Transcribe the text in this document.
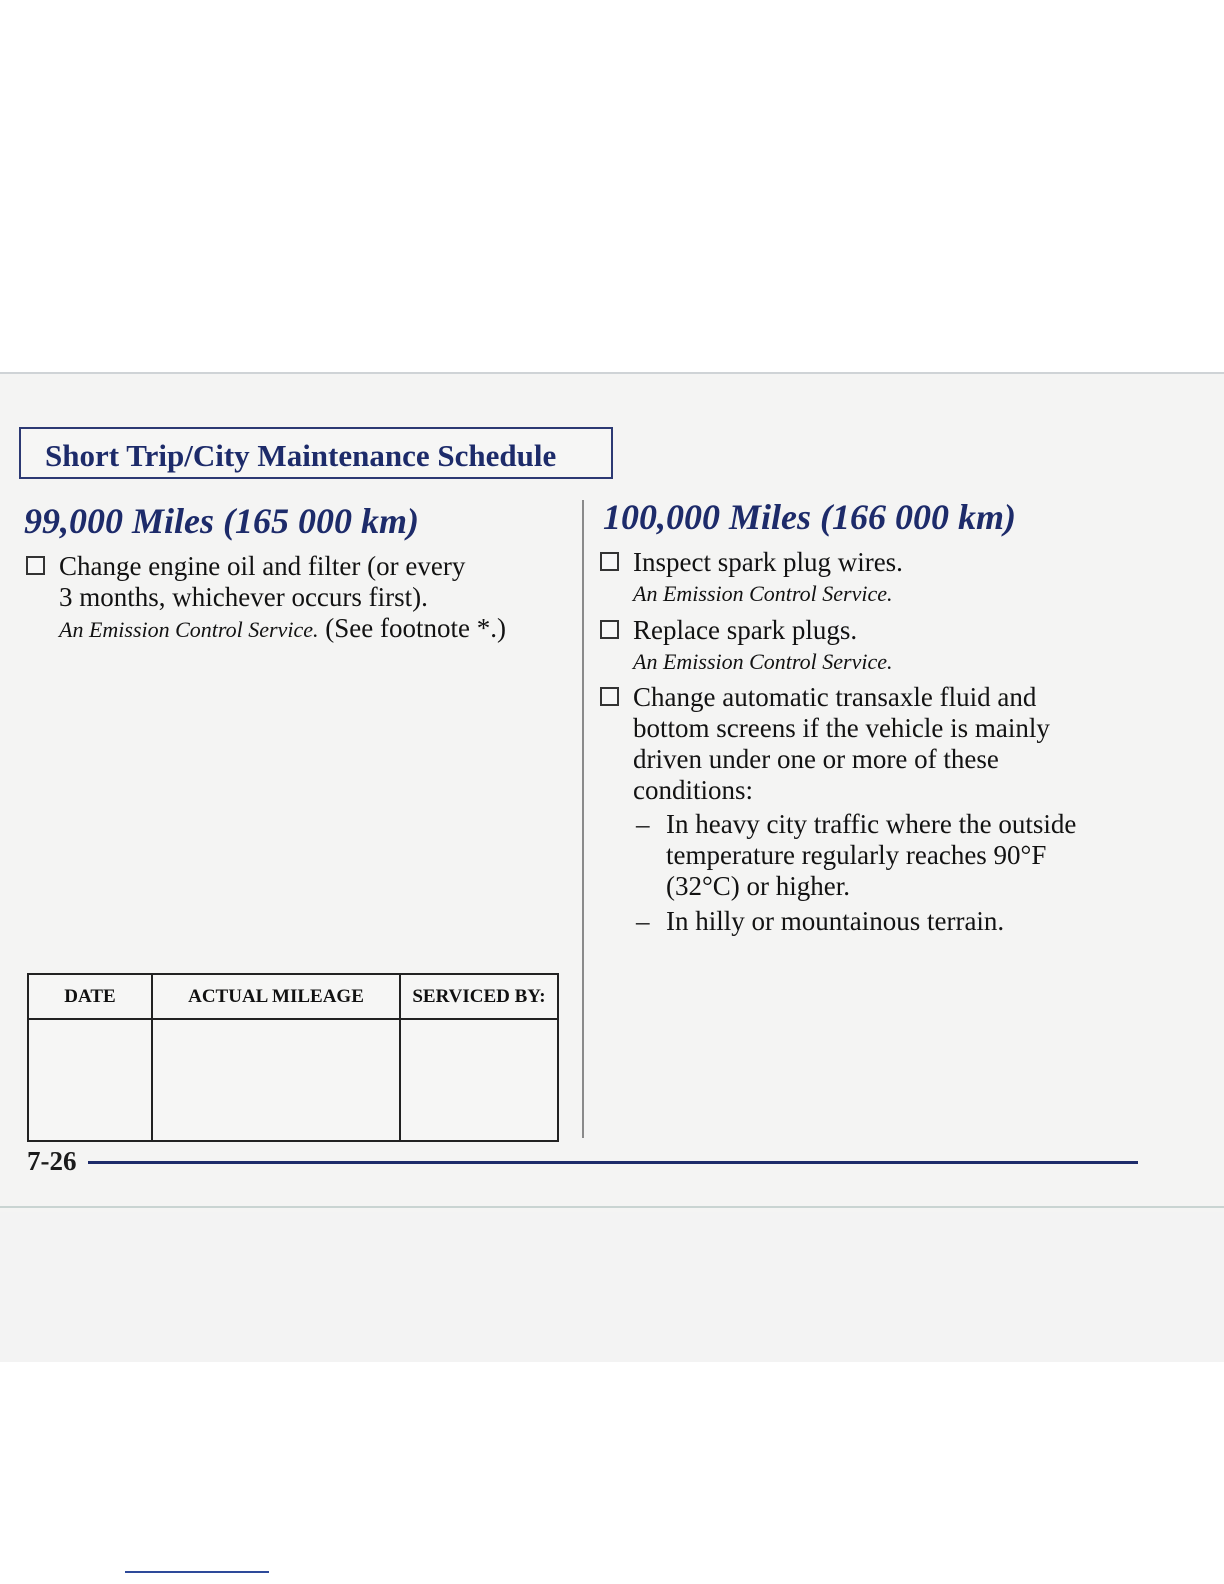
Short Trip/City Maintenance Schedule
99,000 Miles (165 000 km)	100,000 Miles (166 000 km)
Change engine oil and filter (or every
3 months, whichever occurs first).
An Emission Control Service. (See footnote *.)
Inspect spark plug wires.
An Emission Control Service.
Replace spark plugs.
An Emission Control Service.
Change automatic transaxle fluid and
bottom screens if the vehicle is mainly
driven under one or more of these
conditions:
– In heavy city traffic where the outside
temperature regularly reaches 90°F
(32°C) or higher.
– In hilly or mountainous terrain.
DATE	ACTUAL MILEAGE	SERVICED BY:

7-26
